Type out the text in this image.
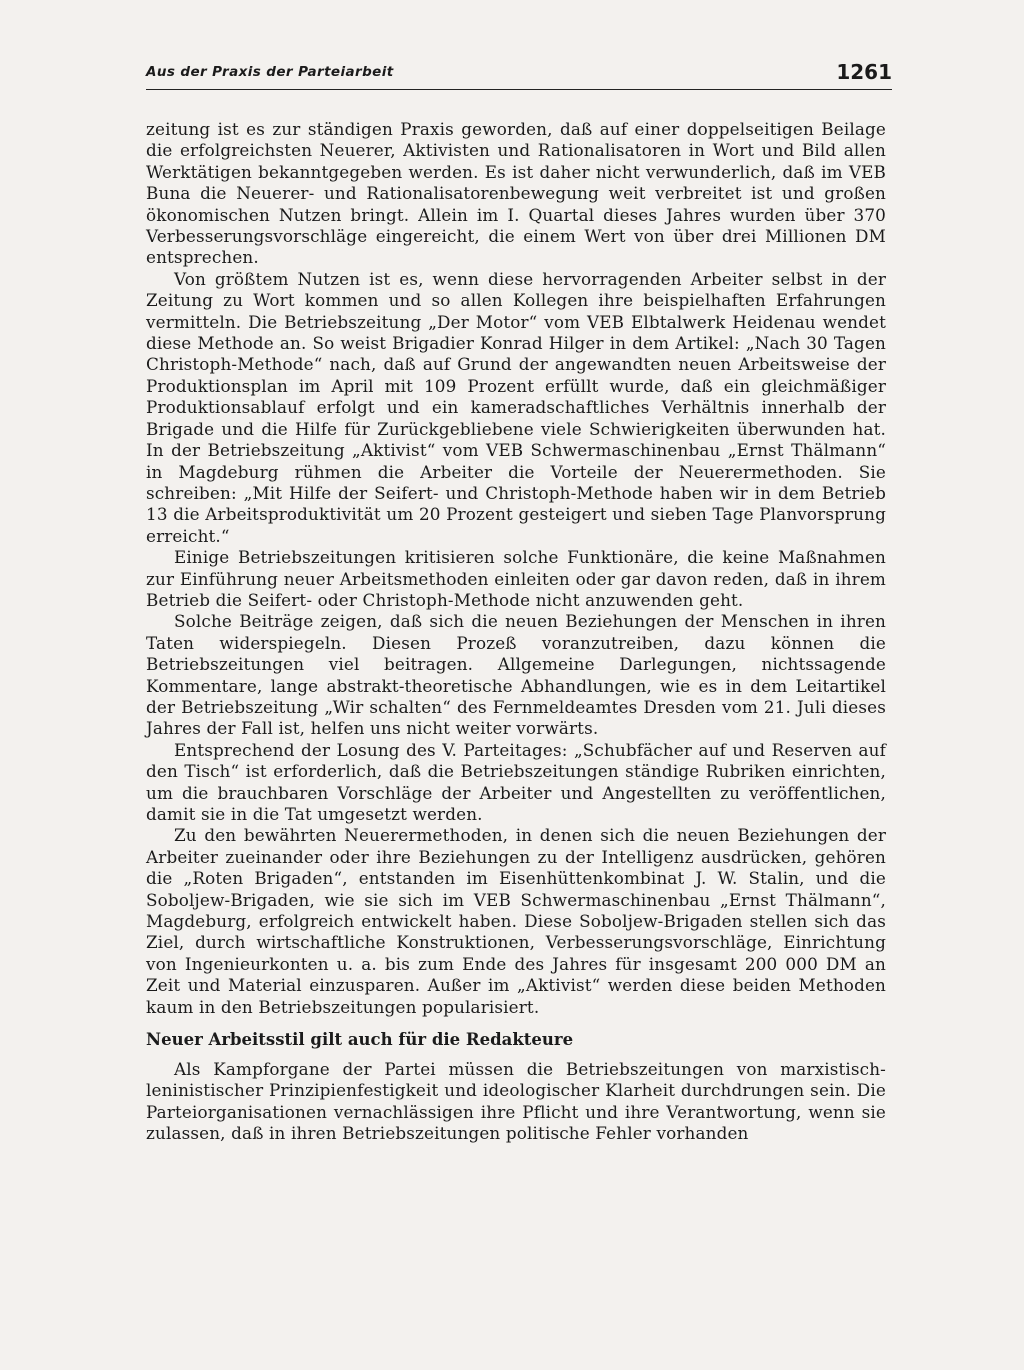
Aus der Praxis der Parteiarbeit	1261

zeitung ist es zur ständigen Praxis geworden, daß auf einer doppelseitigen Beilage die erfolgreichsten Neuerer, Aktivisten und Rationalisatoren in Wort und Bild allen Werktätigen bekanntgegeben werden. Es ist daher nicht verwunderlich, daß im VEB Buna die Neuerer- und Rationalisatorenbewegung weit verbreitet ist und großen ökonomischen Nutzen bringt. Allein im I. Quartal dieses Jahres wurden über 370 Verbesserungsvorschläge eingereicht, die einem Wert von über drei Millionen DM entsprechen.

Von größtem Nutzen ist es, wenn diese hervorragenden Arbeiter selbst in der Zeitung zu Wort kommen und so allen Kollegen ihre beispielhaften Erfahrungen vermitteln. Die Betriebszeitung „Der Motor“ vom VEB Elbtalwerk Heidenau wendet diese Methode an. So weist Brigadier Konrad Hilger in dem Artikel: „Nach 30 Tagen Christoph-Methode“ nach, daß auf Grund der angewandten neuen Arbeitsweise der Produktionsplan im April mit 109 Prozent erfüllt wurde, daß ein gleichmäßiger Produktionsablauf erfolgt und ein kameradschaftliches Verhältnis innerhalb der Brigade und die Hilfe für Zurückgebliebene viele Schwierigkeiten überwunden hat. In der Betriebszeitung „Aktivist“ vom VEB Schwermaschinenbau „Ernst Thälmann“ in Magdeburg rühmen die Arbeiter die Vorteile der Neuerermethoden. Sie schreiben: „Mit Hilfe der Seifert- und Christoph-Methode haben wir in dem Betrieb 13 die Arbeitsproduktivität um 20 Prozent gesteigert und sieben Tage Planvorsprung erreicht.“

Einige Betriebszeitungen kritisieren solche Funktionäre, die keine Maßnahmen zur Einführung neuer Arbeitsmethoden einleiten oder gar davon reden, daß in ihrem Betrieb die Seifert- oder Christoph-Methode nicht anzuwenden geht.

Solche Beiträge zeigen, daß sich die neuen Beziehungen der Menschen in ihren Taten widerspiegeln. Diesen Prozeß voranzutreiben, dazu können die Betriebszeitungen viel beitragen. Allgemeine Darlegungen, nichtssagende Kommentare, lange abstrakt-theoretische Abhandlungen, wie es in dem Leitartikel der Betriebszeitung „Wir schalten“ des Fernmeldeamtes Dresden vom 21. Juli dieses Jahres der Fall ist, helfen uns nicht weiter vorwärts.

Entsprechend der Losung des V. Parteitages: „Schubfächer auf und Reserven auf den Tisch“ ist erforderlich, daß die Betriebszeitungen ständige Rubriken einrichten, um die brauchbaren Vorschläge der Arbeiter und Angestellten zu veröffentlichen, damit sie in die Tat umgesetzt werden.

Zu den bewährten Neuerermethoden, in denen sich die neuen Beziehungen der Arbeiter zueinander oder ihre Beziehungen zu der Intelligenz ausdrücken, gehören die „Roten Brigaden“, entstanden im Eisenhüttenkombinat J. W. Stalin, und die Soboljew-Brigaden, wie sie sich im VEB Schwermaschinenbau „Ernst Thälmann“, Magdeburg, erfolgreich entwickelt haben. Diese Soboljew-Brigaden stellen sich das Ziel, durch wirtschaftliche Konstruktionen, Verbesserungsvorschläge, Einrichtung von Ingenieurkonten u. a. bis zum Ende des Jahres für insgesamt 200 000 DM an Zeit und Material einzusparen. Außer im „Aktivist“ werden diese beiden Methoden kaum in den Betriebszeitungen popularisiert.

Neuer Arbeitsstil gilt auch für die Redakteure

Als Kampforgane der Partei müssen die Betriebszeitungen von marxistisch-leninistischer Prinzipienfestigkeit und ideologischer Klarheit durchdrungen sein. Die Parteiorganisationen vernachlässigen ihre Pflicht und ihre Verantwortung, wenn sie zulassen, daß in ihren Betriebszeitungen politische Fehler vorhanden
